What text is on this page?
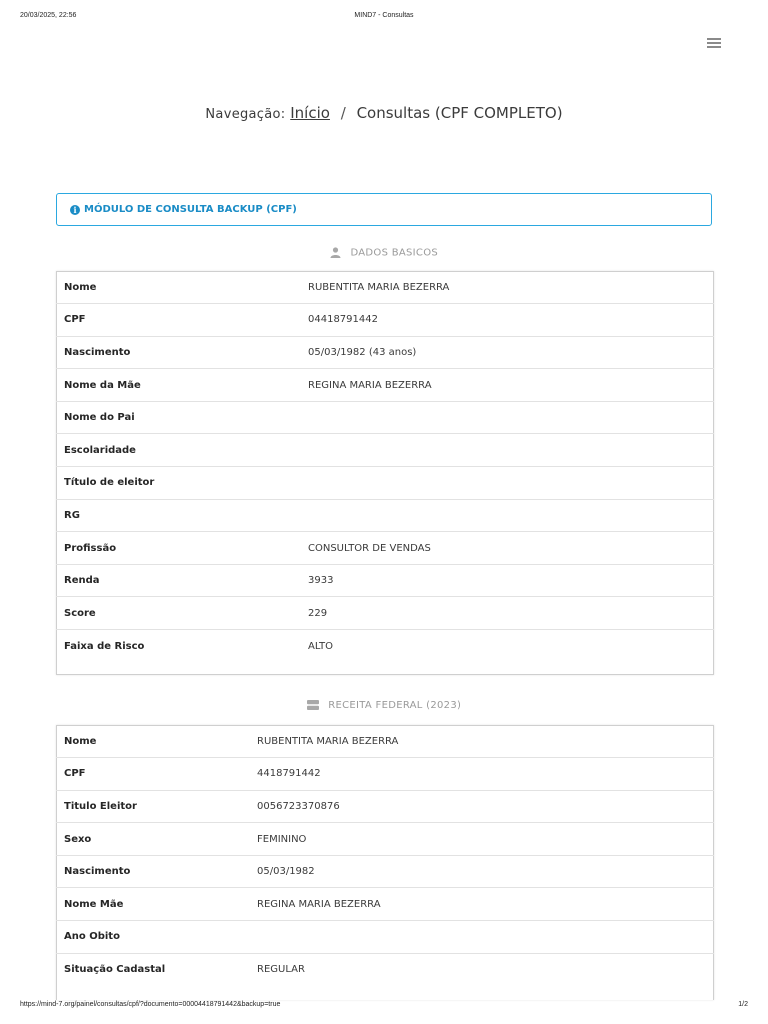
20/03/2025, 22:56	MIND7 - Consultas
Navegação: Início / Consultas (CPF COMPLETO)
i MÓDULO DE CONSULTA BACKUP (CPF)
DADOS BASICOS
Nome	RUBENTITA MARIA BEZERRA
CPF	04418791442
Nascimento	05/03/1982 (43 anos)
Nome da Mãe	REGINA MARIA BEZERRA
Nome do Pai	
Escolaridade	
Título de eleitor	
RG	
Profissão	CONSULTOR DE VENDAS
Renda	3933
Score	229
Faixa de Risco	ALTO
RECEITA FEDERAL (2023)
Nome	RUBENTITA MARIA BEZERRA
CPF	4418791442
Titulo Eleitor	0056723370876
Sexo	FEMININO
Nascimento	05/03/1982
Nome Mãe	REGINA MARIA BEZERRA
Ano Obito	
Situação Cadastal	REGULAR
https://mind-7.org/painel/consultas/cpf/?documento=00004418791442&backup=true	1/2
